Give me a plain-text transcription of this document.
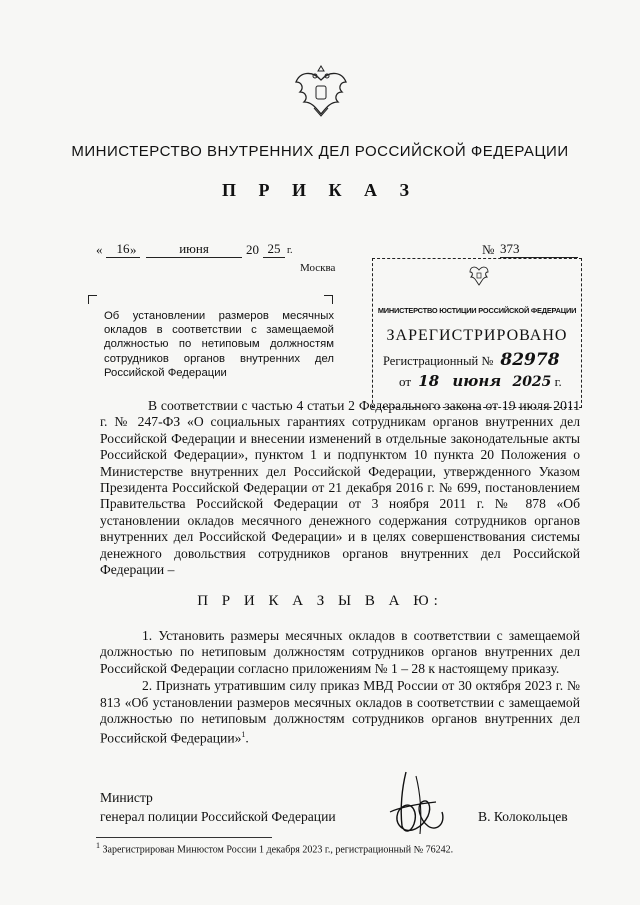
МИНИСТЕРСТВО ВНУТРЕННИХ ДЕЛ РОССИЙСКОЙ ФЕДЕРАЦИИ
П Р И К А З
«	16 »	июня	20 25 г.	№ 373
Москва
Об установлении размеров месячных окладов в соответствии с замещаемой должностью по нетиповым должностям сотрудников органов внутренних дел Российской Федерации
МИНИСТЕРСТВО ЮСТИЦИИ РОССИЙСКОЙ ФЕДЕРАЦИИ
ЗАРЕГИСТРИРОВАНО
Регистрационный № 82978
от 18 июня 2025 г.

В соответствии с частью 4 статьи 2 Федерального закона от 19 июля 2011 г. № 247-ФЗ «О социальных гарантиях сотрудникам органов внутренних дел Российской Федерации и внесении изменений в отдельные законодательные акты Российской Федерации», пунктом 1 и подпунктом 10 пункта 20 Положения о Министерстве внутренних дел Российской Федерации, утвержденного Указом Президента Российской Федерации от 21 декабря 2016 г. № 699, постановлением Правительства Российской Федерации от 3 ноября 2011 г. № 878 «Об установлении окладов месячного денежного содержания сотрудников органов внутренних дел Российской Федерации» и в целях совершенствования системы денежного довольствия сотрудников органов внутренних дел Российской Федерации –

П Р И К А З Ы В А Ю:

1. Установить размеры месячных окладов в соответствии с замещаемой должностью по нетиповым должностям сотрудников органов внутренних дел Российской Федерации согласно приложениям № 1 – 28 к настоящему приказу.

2. Признать утратившим силу приказ МВД России от 30 октября 2023 г. № 813 «Об установлении размеров месячных окладов в соответствии с замещаемой должностью по нетиповым должностям сотрудников органов внутренних дел Российской Федерации»$^1$.

Министр
генерал полиции Российской Федерации	В. Колокольцев
$^1$ Зарегистрирован Минюстом России 1 декабря 2023 г., регистрационный № 76242.
